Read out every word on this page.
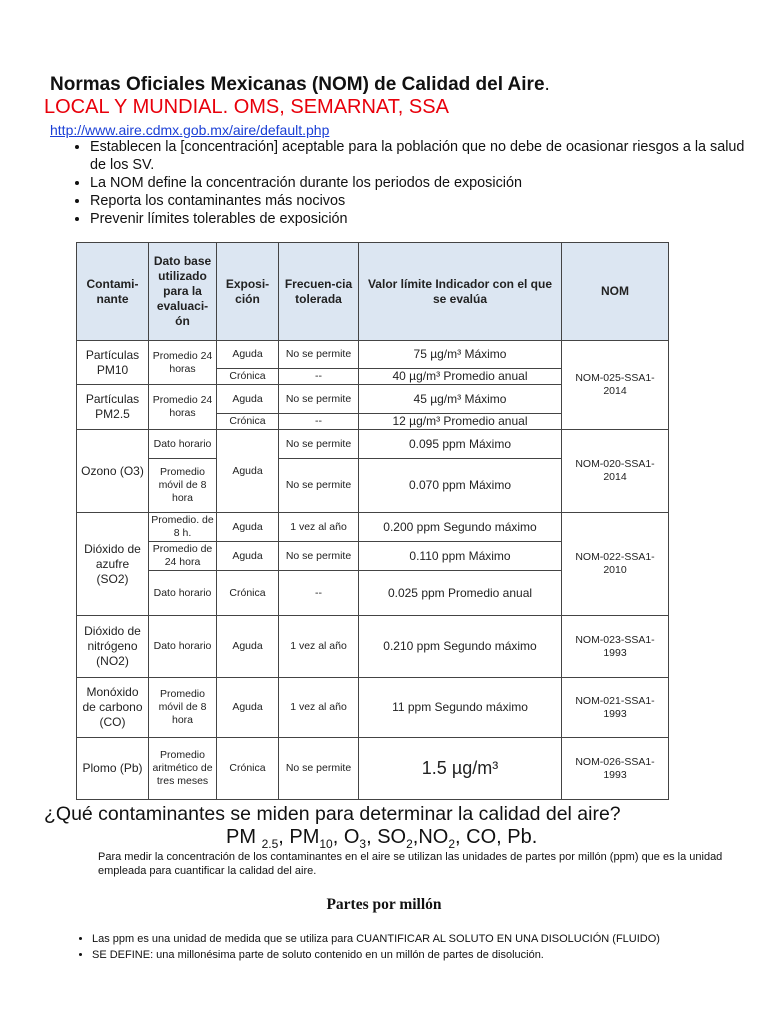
Normas Oficiales Mexicanas (NOM) de Calidad del Aire.
LOCAL Y MUNDIAL. OMS, SEMARNAT, SSA
http://www.aire.cdmx.gob.mx/aire/default.php
• Establecen la [concentración] aceptable para la población que no debe de ocasionar riesgos a la salud de los SV.
• La NOM define la concentración durante los periodos de exposición
• Reporta los contaminantes más nocivos
• Prevenir límites tolerables de exposición
Contami-nante	Dato base utilizado para la evaluaci-ón	Exposi-ción	Frecuen-cia tolerada	Valor límite Indicador con el que se evalúa	NOM
Partículas PM10	Promedio 24 horas	Aguda	No se permite	75 µg/m³ Máximo	NOM-025-SSA1-2014
		Crónica	--	40 µg/m³ Promedio anual	
Partículas PM2.5	Promedio 24 horas	Aguda	No se permite	45 µg/m³ Máximo	
		Crónica	--	12 µg/m³ Promedio anual	
Ozono (O3)	Dato horario	Aguda	No se permite	0.095 ppm Máximo	NOM-020-SSA1-2014
	Promedio móvil de 8 hora		No se permite	0.070 ppm Máximo	
Dióxido de azufre (SO2)	Promedio. de 8 h.	Aguda	1 vez al año	0.200 ppm Segundo máximo	NOM-022-SSA1-2010
	Promedio de 24 hora	Aguda	No se permite	0.110 ppm Máximo	
	Dato horario	Crónica	--	0.025 ppm Promedio anual	
Dióxido de nitrógeno (NO2)	Dato horario	Aguda	1 vez al año	0.210 ppm Segundo máximo	NOM-023-SSA1-1993
Monóxido de carbono (CO)	Promedio móvil de 8 hora	Aguda	1 vez al año	11 ppm Segundo máximo	NOM-021-SSA1-1993
Plomo (Pb)	Promedio aritmético de tres meses	Crónica	No se permite	1.5 µg/m³	NOM-026-SSA1-1993
¿Qué contaminantes se miden para determinar la calidad del aire?
PM $_{2.5}$, $PM_{10}$, $O_3$, $SO_2,NO_2$, CO, Pb.
Para medir la concentración de los contaminantes en el aire se utilizan las unidades de partes por millón (ppm) que es la unidad empleada para cuantificar la calidad del aire.
Partes por millón
• Las ppm es una unidad de medida que se utiliza para CUANTIFICAR AL SOLUTO EN UNA DISOLUCIÓN (FLUIDO)
• SE DEFINE: una millonésima parte de soluto contenido en un millón de partes de disolución.
